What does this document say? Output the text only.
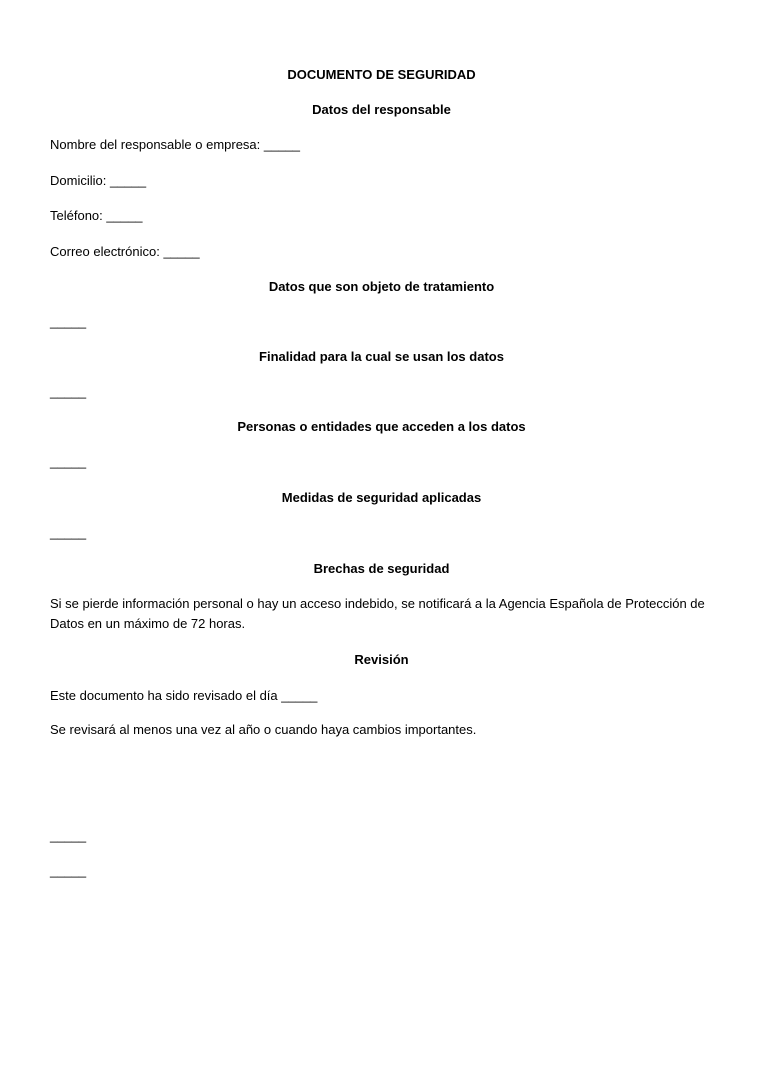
DOCUMENTO DE SEGURIDAD
Datos del responsable
Nombre del responsable o empresa: _____
Domicilio: _____
Teléfono: _____
Correo electrónico: _____
Datos que son objeto de tratamiento
_____
Finalidad para la cual se usan los datos
_____
Personas o entidades que acceden a los datos
_____
Medidas de seguridad aplicadas
_____
Brechas de seguridad
Si se pierde información personal o hay un acceso indebido, se notificará a la Agencia Española de Protección de Datos en un máximo de 72 horas.
Revisión
Este documento ha sido revisado el día _____
Se revisará al menos una vez al año o cuando haya cambios importantes.
_____
_____
